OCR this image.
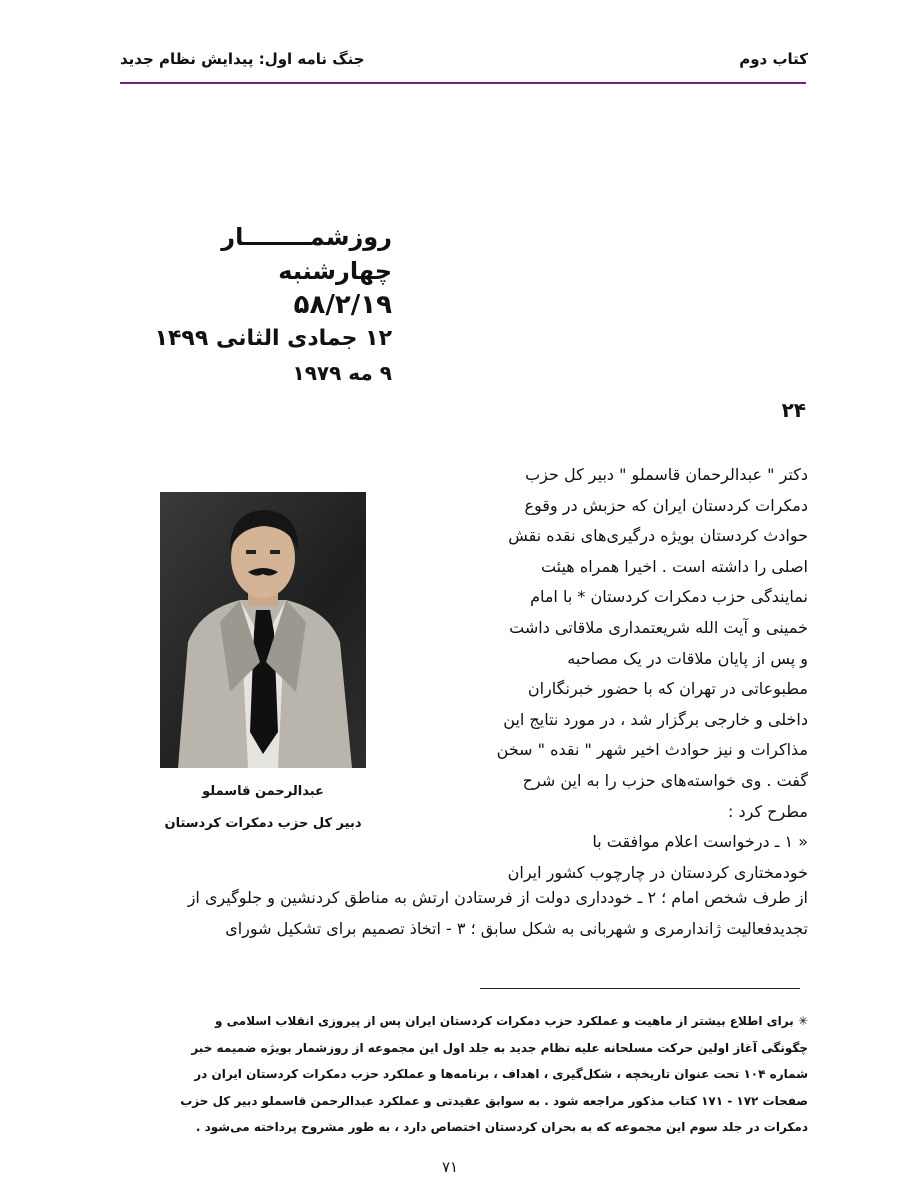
کتاب دوم
جنگ نامه اول: پیدایش نظام جدید
روزشمــــــــار
چهارشنبه
۵۸/۲/۱۹
۱۲ جمادی الثانی ۱۴۹۹
۹ مه ۱۹۷۹
۲۴
عبدالرحمن قاسملو
دبیر کل حزب دمکرات کردستان
دکتر " عبدالرحمان قاسملو " دبیر کل حزب
دمکرات کردستان ایران که حزبش در وقوع
حوادث کردستان بویژه درگیری‌های نقده نقش
اصلی را داشته است . اخیرا همراه هیئت
نمایندگی حزب دمکرات کردستان * با امام
خمینی و آیت الله شریعتمداری ملاقاتی داشت
و پس از پایان ملاقات در یک مصاحبه
مطبوعاتی در تهران که با حضور خبرنگاران
داخلی و خارجی برگزار شد ، در مورد نتایج این
مذاکرات و نیز حوادث اخیر شهر " نقده " سخن
گفت . وی خواسته‌های حزب را به این شرح
مطرح کرد :
« ۱ ـ درخواست اعلام موافقت با
خودمختاری کردستان در چارچوب کشور ایران
از طرف شخص امام ؛ ۲ ـ خودداری دولت از فرستادن ارتش به مناطق کردنشین و جلوگیری از
تجدیدفعالیت ژاندارمری و شهربانی به شکل سابق ؛ ۳ - اتخاذ تصمیم برای تشکیل شورای
✳ برای اطلاع بیشتر از ماهیت و عملکرد حزب دمکرات کردستان ایران پس از پیروزی انقلاب اسلامی و
چگونگی آغاز اولین حرکت مسلحانه علیه نظام جدید به جلد اول این مجموعه از روزشمار بویژه ضمیمه خبر
شماره ۱۰۴ تحت عنوان تاریخچه ، شکل‌گیری ، اهداف ، برنامه‌ها و عملکرد حزب دمکرات کردستان ایران در
صفحات ۱۷۲ - ۱۷۱ کتاب مذکور مراجعه شود . به سوابق عقیدتی و عملکرد عبدالرحمن قاسملو دبیر کل حزب
دمکرات در جلد سوم این مجموعه که به بحران کردستان اختصاص دارد ، به طور مشروح پرداخته می‌شود .
۷۱
